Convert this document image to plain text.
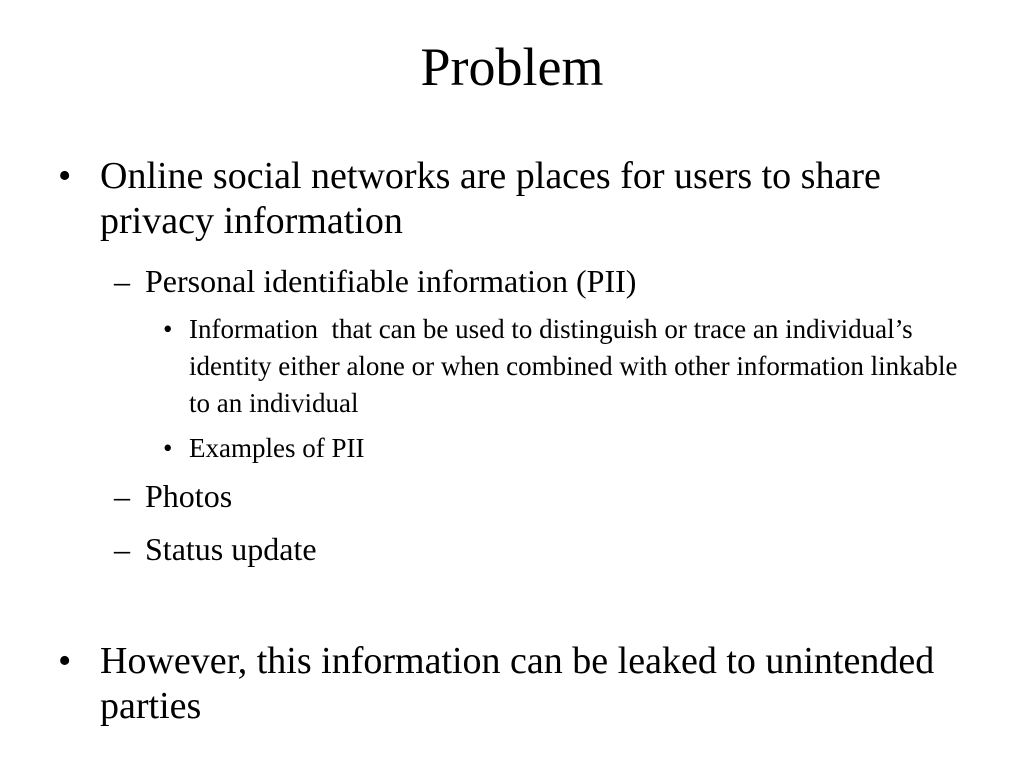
Problem
• Online social networks are places for users to share privacy information
– Personal identifiable information (PII)
• Information  that can be used to distinguish or trace an individual’s identity either alone or when combined with other information linkable to an individual
• Examples of PII
– Photos
– Status update
• However, this information can be leaked to unintended parties
